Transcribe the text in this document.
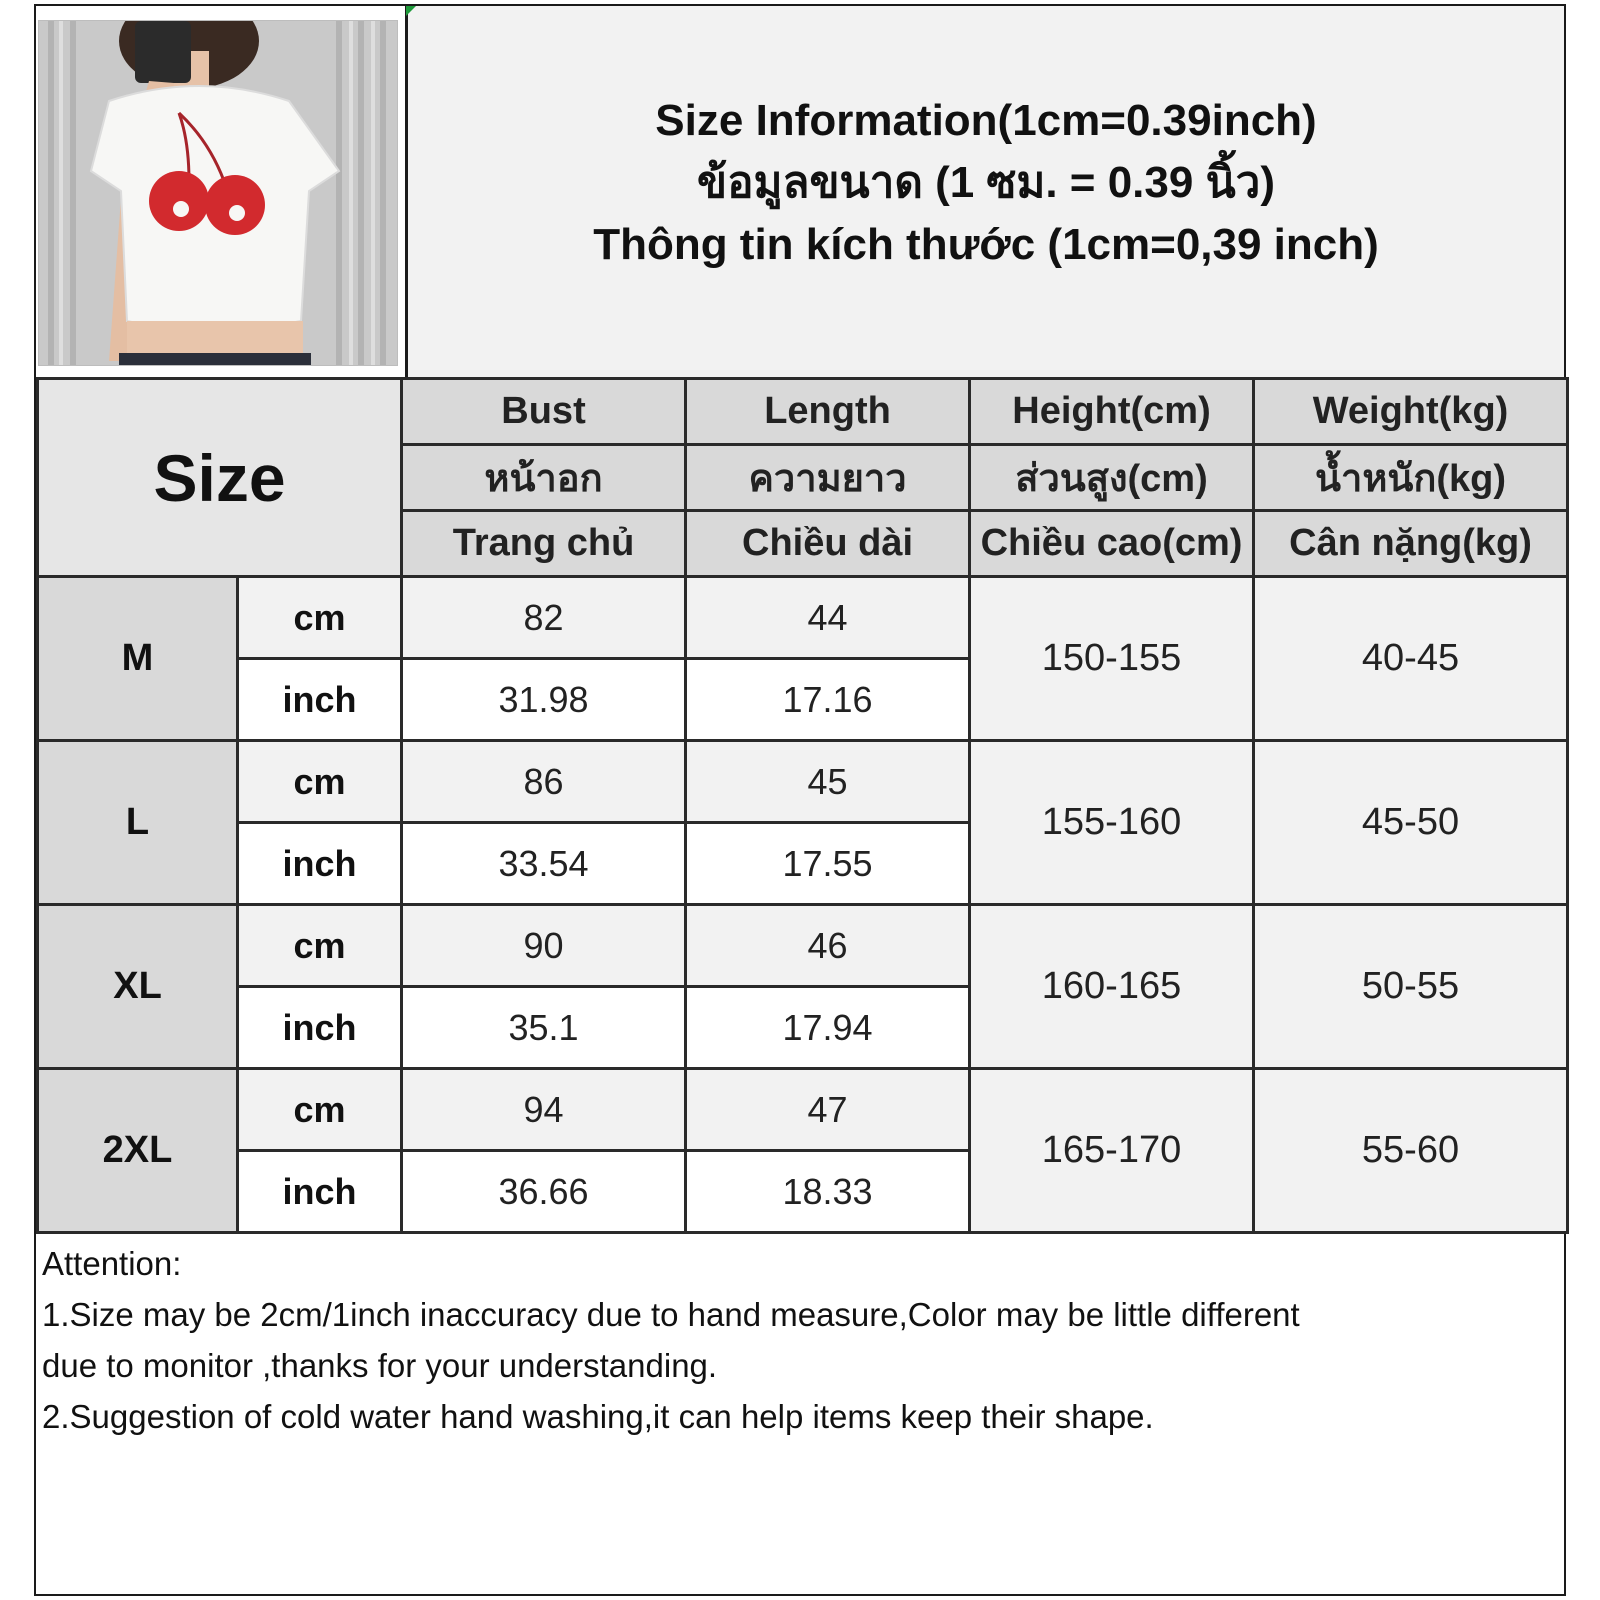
Size Information(1cm=0.39inch)
ข้อมูลขนาด (1 ซม. = 0.39 นิ้ว)
Thông tin kích thước (1cm=0,39 inch)
Size		Bust	Length	Height(cm)	Weight(kg)
		หน้าอก	ความยาว	ส่วนสูง(cm)	น้ำหนัก(kg)
		Trang chủ	Chiều dài	Chiều cao(cm)	Cân nặng(kg)
M	cm	82	44	150-155	40-45
	inch	31.98	17.16		
L	cm	86	45	155-160	45-50
	inch	33.54	17.55		
XL	cm	90	46	160-165	50-55
	inch	35.1	17.94		
2XL	cm	94	47	165-170	55-60
	inch	36.66	18.33		
Attention:
1.Size may be 2cm/1inch inaccuracy due to hand measure,Color may be little different
due to monitor ,thanks for your understanding.
2.Suggestion of cold water hand washing,it can help items keep their shape.
